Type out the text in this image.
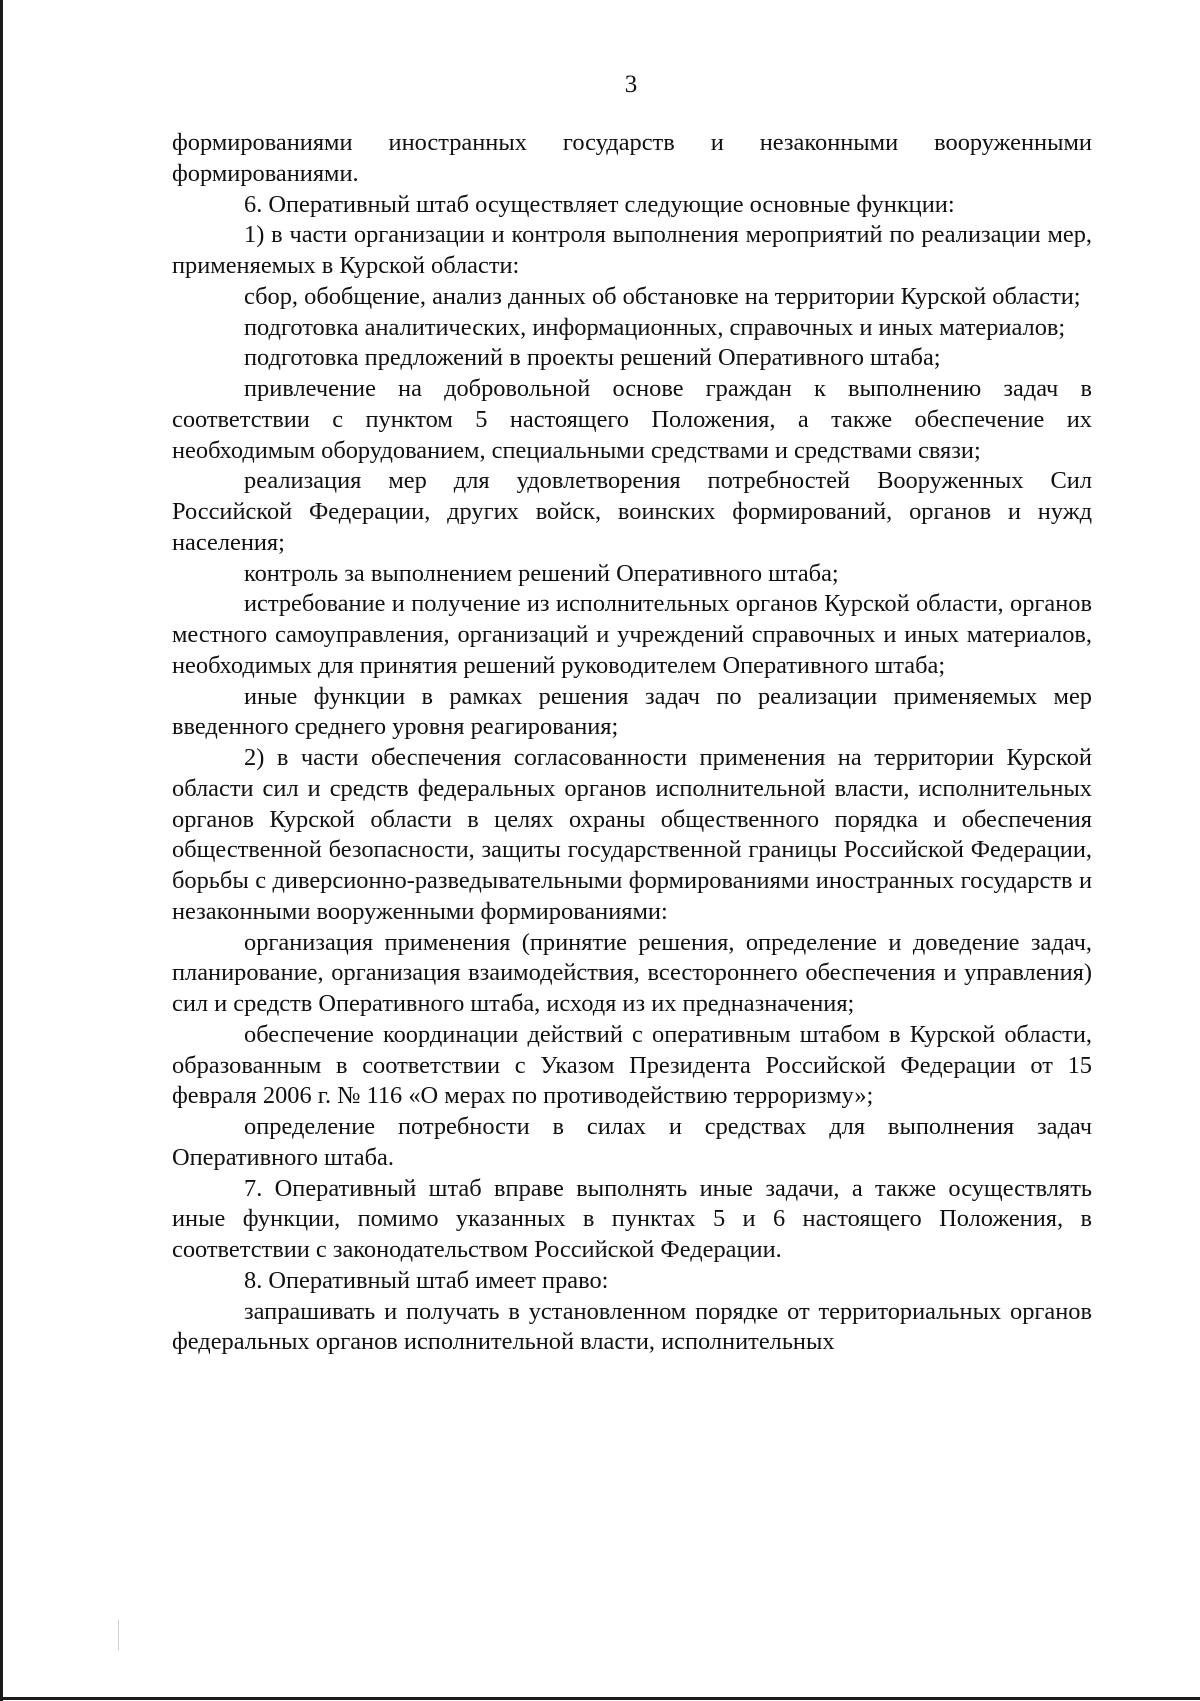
3

формированиями иностранных государств и незаконными вооруженными формированиями.

6. Оперативный штаб осуществляет следующие основные функции:

1) в части организации и контроля выполнения мероприятий по реализации мер, применяемых в Курской области:

сбор, обобщение, анализ данных об обстановке на территории Курской области;

подготовка аналитических, информационных, справочных и иных материалов;

подготовка предложений в проекты решений Оперативного штаба;

привлечение на добровольной основе граждан к выполнению задач в соответствии с пунктом 5 настоящего Положения, а также обеспечение их необходимым оборудованием, специальными средствами и средствами связи;

реализация мер для удовлетворения потребностей Вооруженных Сил Российской Федерации, других войск, воинских формирований, органов и нужд населения;

контроль за выполнением решений Оперативного штаба;

истребование и получение из исполнительных органов Курской области, органов местного самоуправления, организаций и учреждений справочных и иных материалов, необходимых для принятия решений руководителем Оперативного штаба;

иные функции в рамках решения задач по реализации применяемых мер введенного среднего уровня реагирования;

2) в части обеспечения согласованности применения на территории Курской области сил и средств федеральных органов исполнительной власти, исполнительных органов Курской области в целях охраны общественного порядка и обеспечения общественной безопасности, защиты государственной границы Российской Федерации, борьбы с диверсионно-разведывательными формированиями иностранных государств и незаконными вооруженными формированиями:

организация применения (принятие решения, определение и доведение задач, планирование, организация взаимодействия, всестороннего обеспечения и управления) сил и средств Оперативного штаба, исходя из их предназначения;

обеспечение координации действий с оперативным штабом в Курской области, образованным в соответствии с Указом Президента Российской Федерации от 15 февраля 2006 г. № 116 «О мерах по противодействию терроризму»;

определение потребности в силах и средствах для выполнения задач Оперативного штаба.

7. Оперативный штаб вправе выполнять иные задачи, а также осуществлять иные функции, помимо указанных в пунктах 5 и 6 настоящего Положения, в соответствии с законодательством Российской Федерации.

8. Оперативный штаб имеет право:

запрашивать и получать в установленном порядке от территориальных органов федеральных органов исполнительной власти, исполнительных
